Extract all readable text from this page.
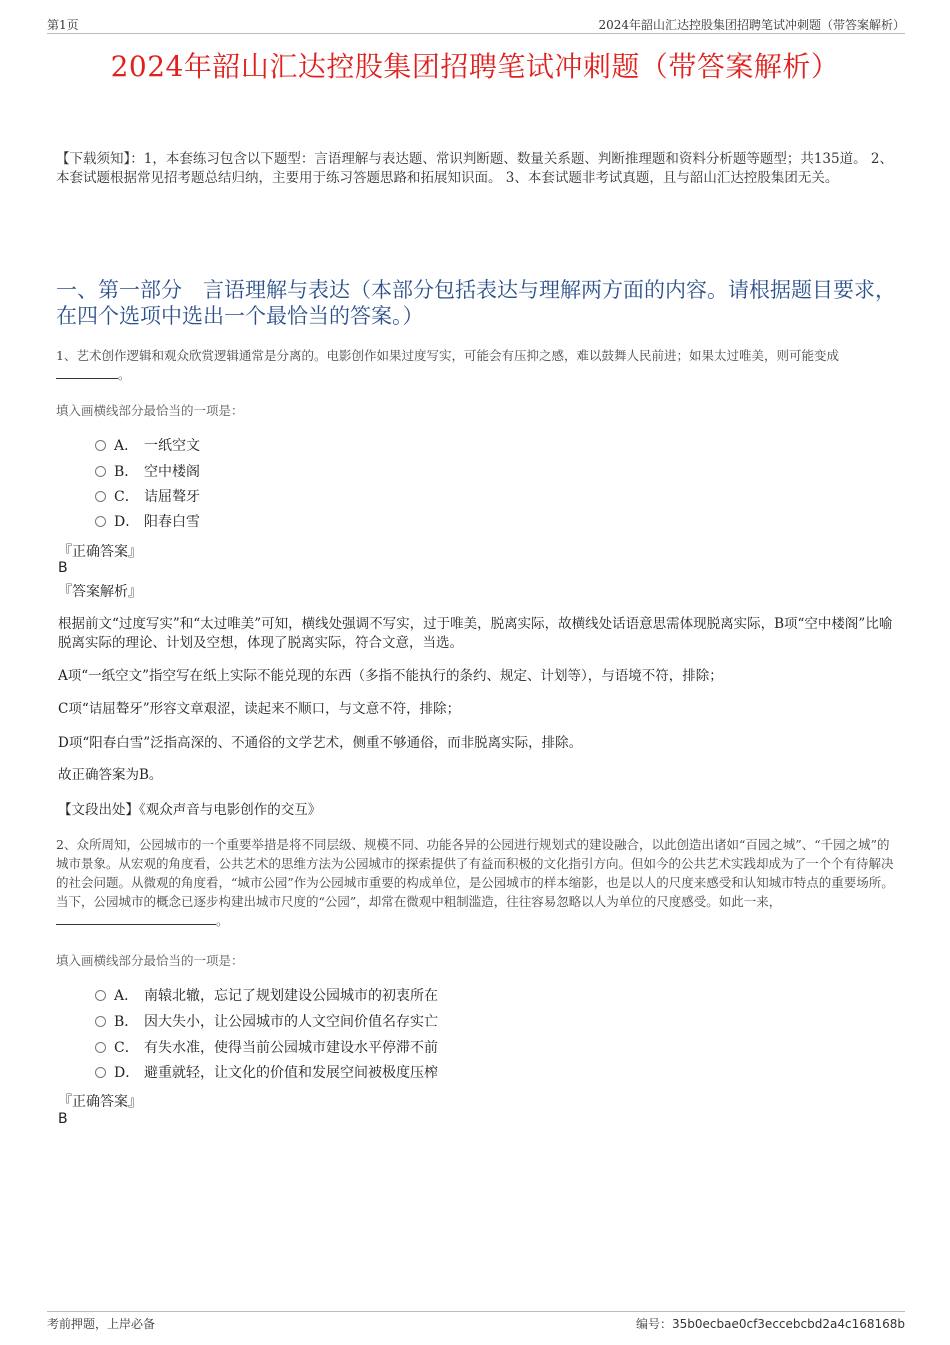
第1页	2024年韶山汇达控股集团招聘笔试冲刺题（带答案解析）
2024年韶山汇达控股集团招聘笔试冲刺题（带答案解析）
【下载须知】：1，本套练习包含以下题型：言语理解与表达题、常识判断题、数量关系题、判断推理题和资料分析题等题型；共135道。 2、本套试题根据常见招考题总结归纳，主要用于练习答题思路和拓展知识面。 3、本套试题非考试真题，且与韶山汇达控股集团无关。
一、第一部分　言语理解与表达（本部分包括表达与理解两方面的内容。请根据题目要求，在四个选项中选出一个最恰当的答案。）
1、艺术创作逻辑和观众欣赏逻辑通常是分离的。电影创作如果过度写实，可能会有压抑之感，难以鼓舞人民前进；如果太过唯美，则可能变成
。
填入画横线部分最恰当的一项是：
A． 一纸空文
B． 空中楼阁
C． 诘屈聱牙
D． 阳春白雪
『正确答案』
B
『答案解析』
根据前文“过度写实”和“太过唯美”可知，横线处强调不写实，过于唯美，脱离实际，故横线处话语意思需体现脱离实际，B项“空中楼阁”比喻脱离实际的理论、计划及空想，体现了脱离实际，符合文意，当选。
A项“一纸空文”指空写在纸上实际不能兑现的东西（多指不能执行的条约、规定、计划等），与语境不符，排除；
C项“诘屈聱牙”形容文章艰涩，读起来不顺口，与文意不符，排除；
D项“阳春白雪”泛指高深的、不通俗的文学艺术，侧重不够通俗，而非脱离实际，排除。
故正确答案为B。
【文段出处】《观众声音与电影创作的交互》
2、众所周知，公园城市的一个重要举措是将不同层级、规模不同、功能各异的公园进行规划式的建设融合，以此创造出诸如“百园之城”、“千园之城”的城市景象。从宏观的角度看，公共艺术的思维方法为公园城市的探索提供了有益而积极的文化指引方向。但如今的公共艺术实践却成为了一个个有待解决的社会问题。从微观的角度看，“城市公园”作为公园城市重要的构成单位，是公园城市的样本缩影，也是以人的尺度来感受和认知城市特点的重要场所。当下，公园城市的概念已逐步构建出城市尺度的“公园”，却常在微观中粗制滥造，往往容易忽略以人为单位的尺度感受。如此一来，。
填入画横线部分最恰当的一项是：
A． 南辕北辙，忘记了规划建设公园城市的初衷所在
B． 因大失小，让公园城市的人文空间价值名存实亡
C． 有失水准，使得当前公园城市建设水平停滞不前
D． 避重就轻，让文化的价值和发展空间被极度压榨
『正确答案』
B
考前押题，上岸必备	编号：35b0ecbae0cf3eccebcbd2a4c168168b
